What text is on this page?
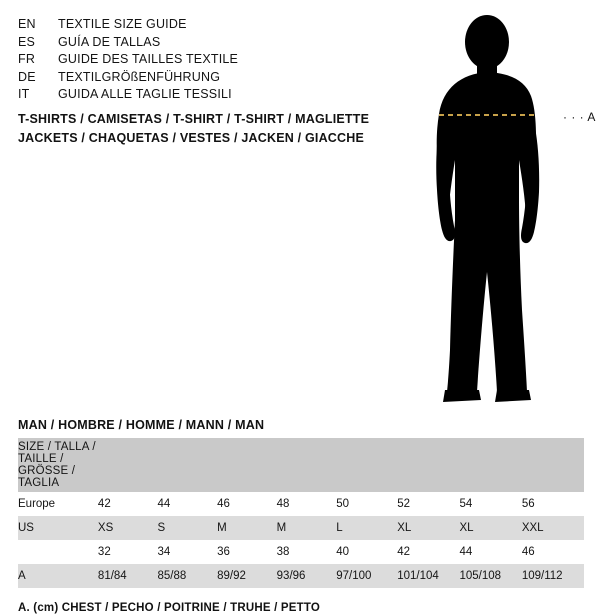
EN	TEXTILE SIZE GUIDE
ES	GUÍA DE TALLAS
FR	GUIDE DES TAILLES TEXTILE
DE	TEXTILGRÖßENFÜHRUNG
IT	GUIDA ALLE TAGLIE TESSILI
T-SHIRTS / CAMISETAS / T-SHIRT / T-SHIRT / MAGLIETTE
JACKETS / CHAQUETAS / VESTES / JACKEN / GIACCHE
· · · A
MAN / HOMBRE / HOMME / MANN / MAN
SIZE / TALLA / TAILLE / GRÖSSE / TAGLIA								
Europe	42	44	46	48	50	52	54	56
US	XS	S	M	M	L	XL	XL	XXL
	32	34	36	38	40	42	44	46
A	81/84	85/88	89/92	93/96	97/100	101/104	105/108	109/112
A. (cm) CHEST / PECHO / POITRINE / TRUHE / PETTO
